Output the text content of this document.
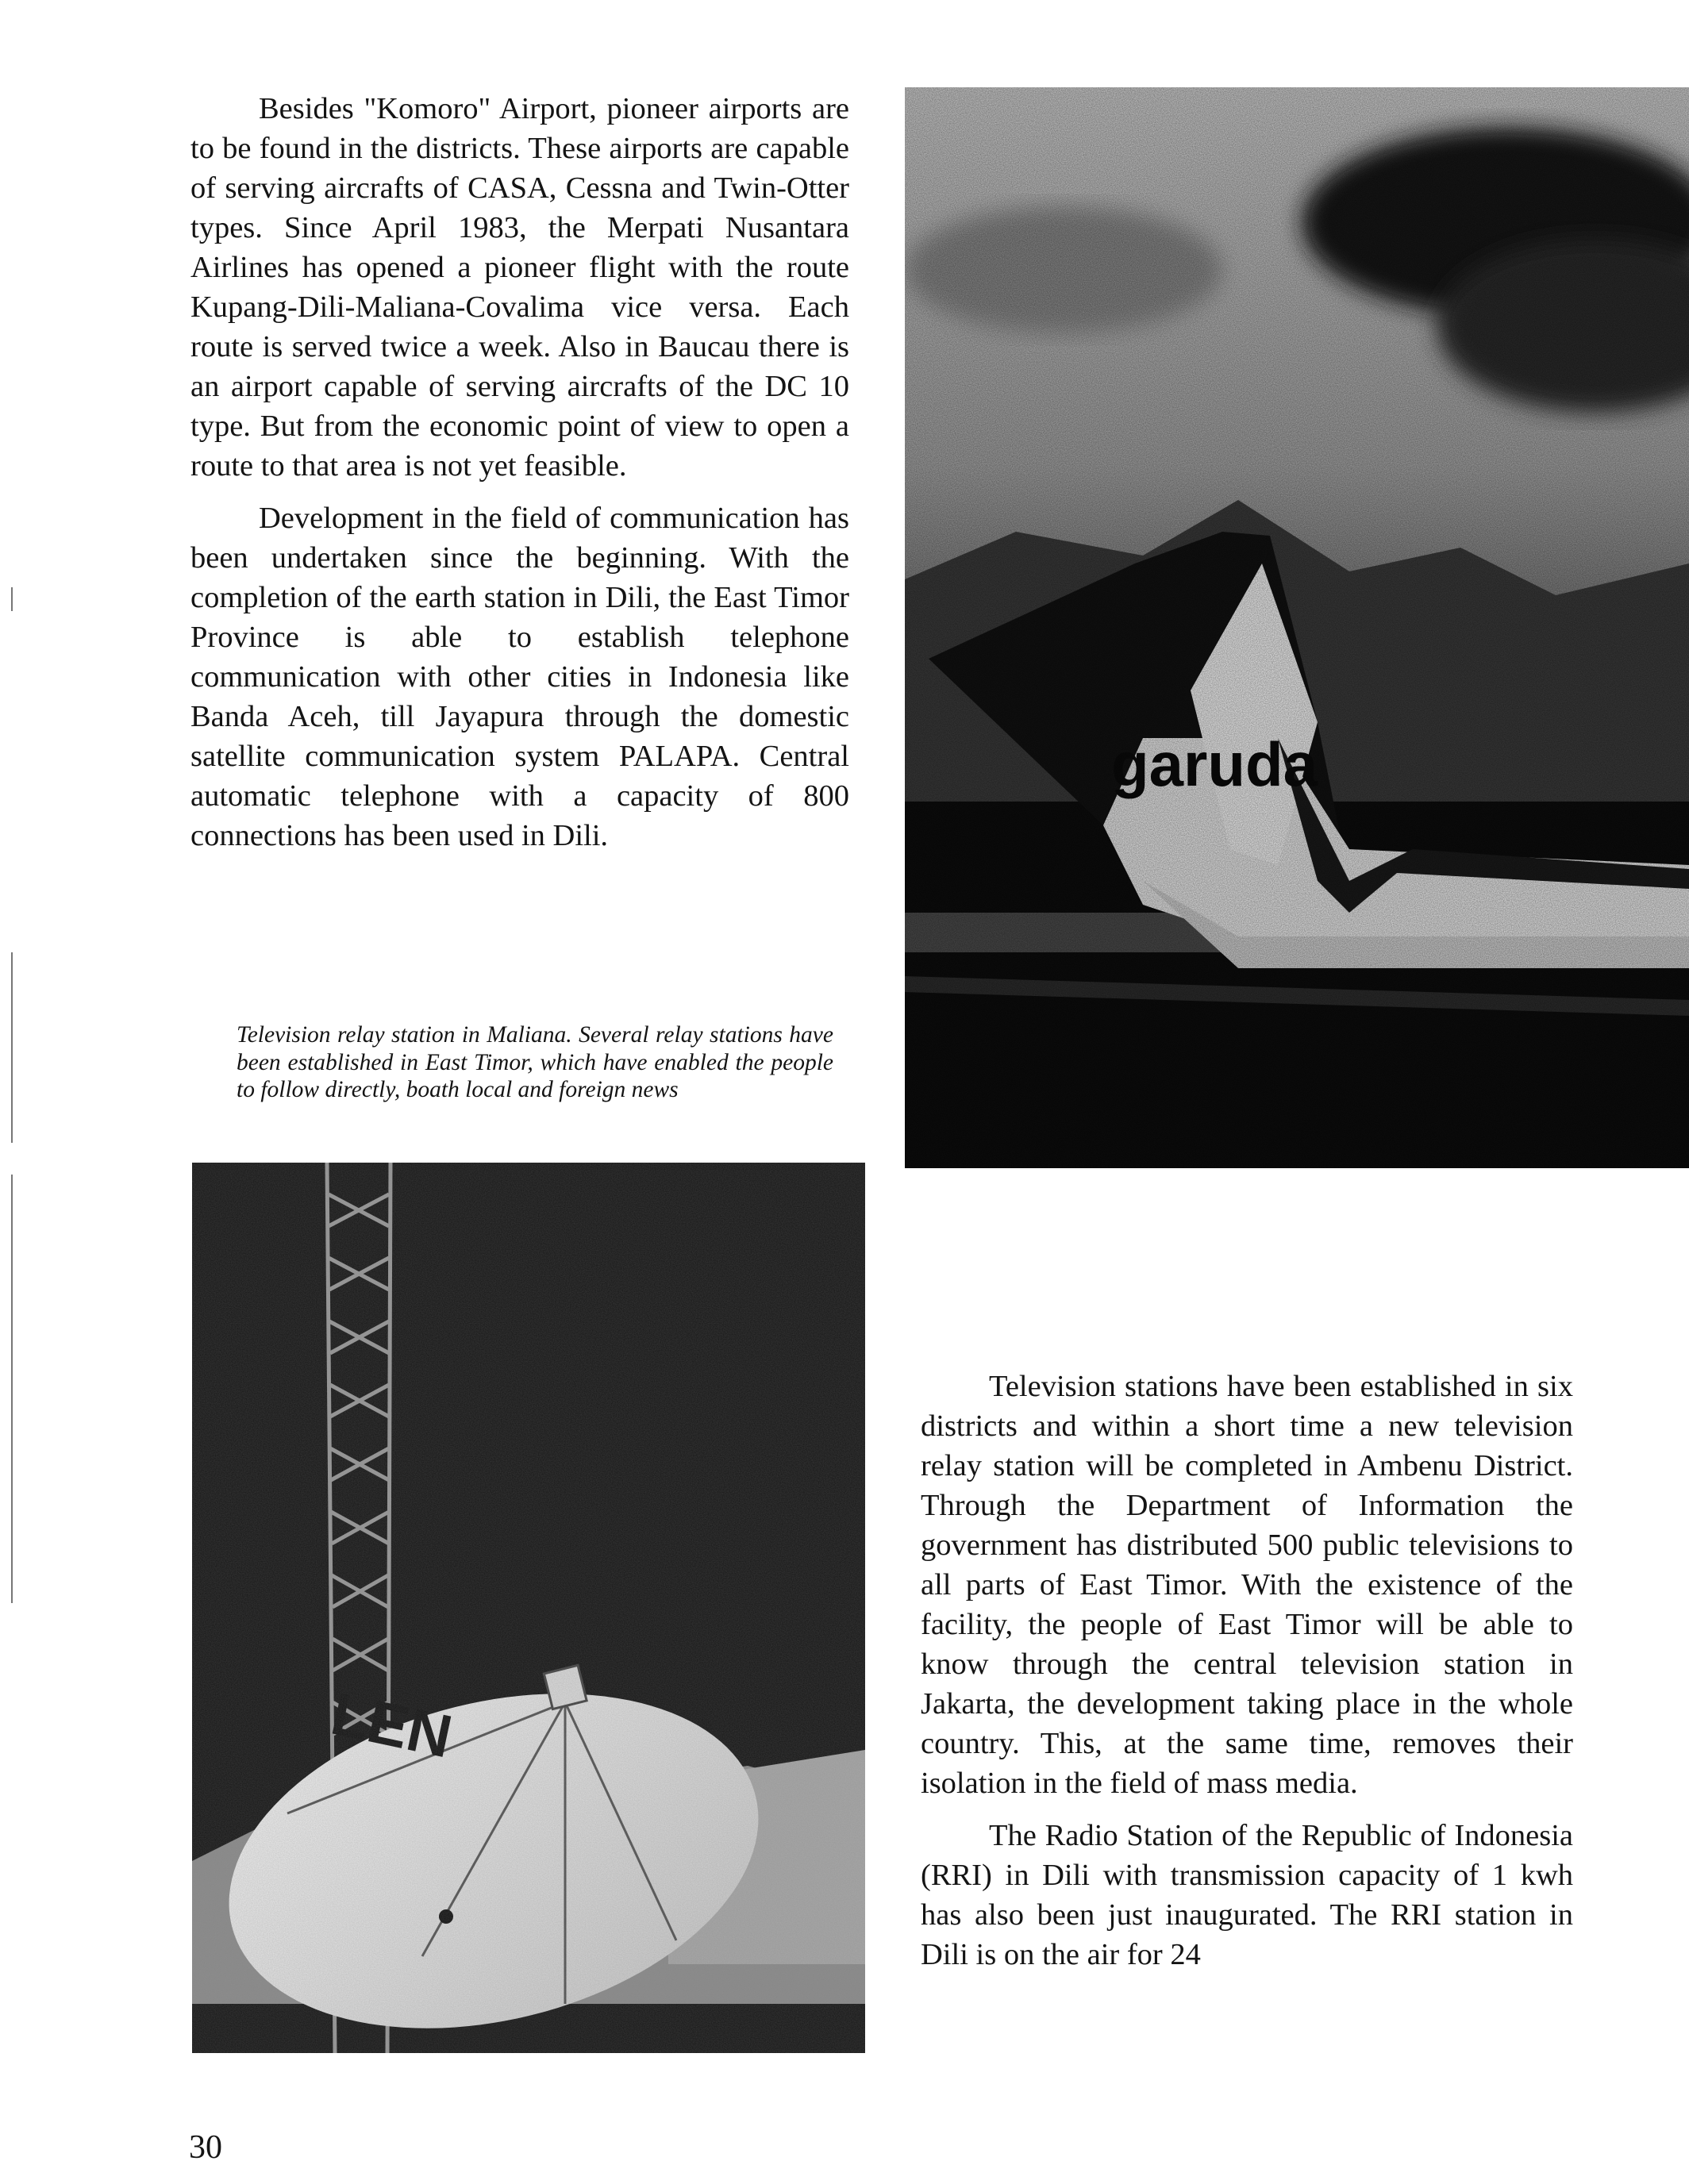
Besides "Komoro" Airport, pioneer airports are to be found in the districts. These airports are capable of serving aircrafts of CASA, Cessna and Twin-Otter types. Since April 1983, the Merpati Nusantara Airlines has opened a pioneer flight with the route Kupang-Dili-Maliana-Covalima vice versa. Each route is served twice a week. Also in Baucau there is an airport capable of serving aircrafts of the DC 10 type. But from the economic point of view to open a route to that area is not yet feasible.

Development in the field of communication has been undertaken since the beginning. With the completion of the earth station in Dili, the East Timor Province is able to establish telephone communication with other cities in Indonesia like Banda Aceh, till Jayapura through the domestic satellite communication system PALAPA. Central automatic telephone with a capacity of 800 connections has been used in Dili.

Television relay station in Maliana. Several relay stations have been established in East Timor, which have enabled the people to follow directly, boath local and foreign news

Television stations have been established in six districts and within a short time a new television relay station will be completed in Ambenu District. Through the Department of Information the government has distributed 500 public televisions to all parts of East Timor. With the existence of the facility, the people of East Timor will be able to know through the central television station in Jakarta, the development taking place in the whole country. This, at the same time, removes their isolation in the field of mass media.

The Radio Station of the Republic of Indonesia (RRI) in Dili with transmission capacity of 1 kwh has also been just inaugurated. The RRI station in Dili is on the air for 24

30
